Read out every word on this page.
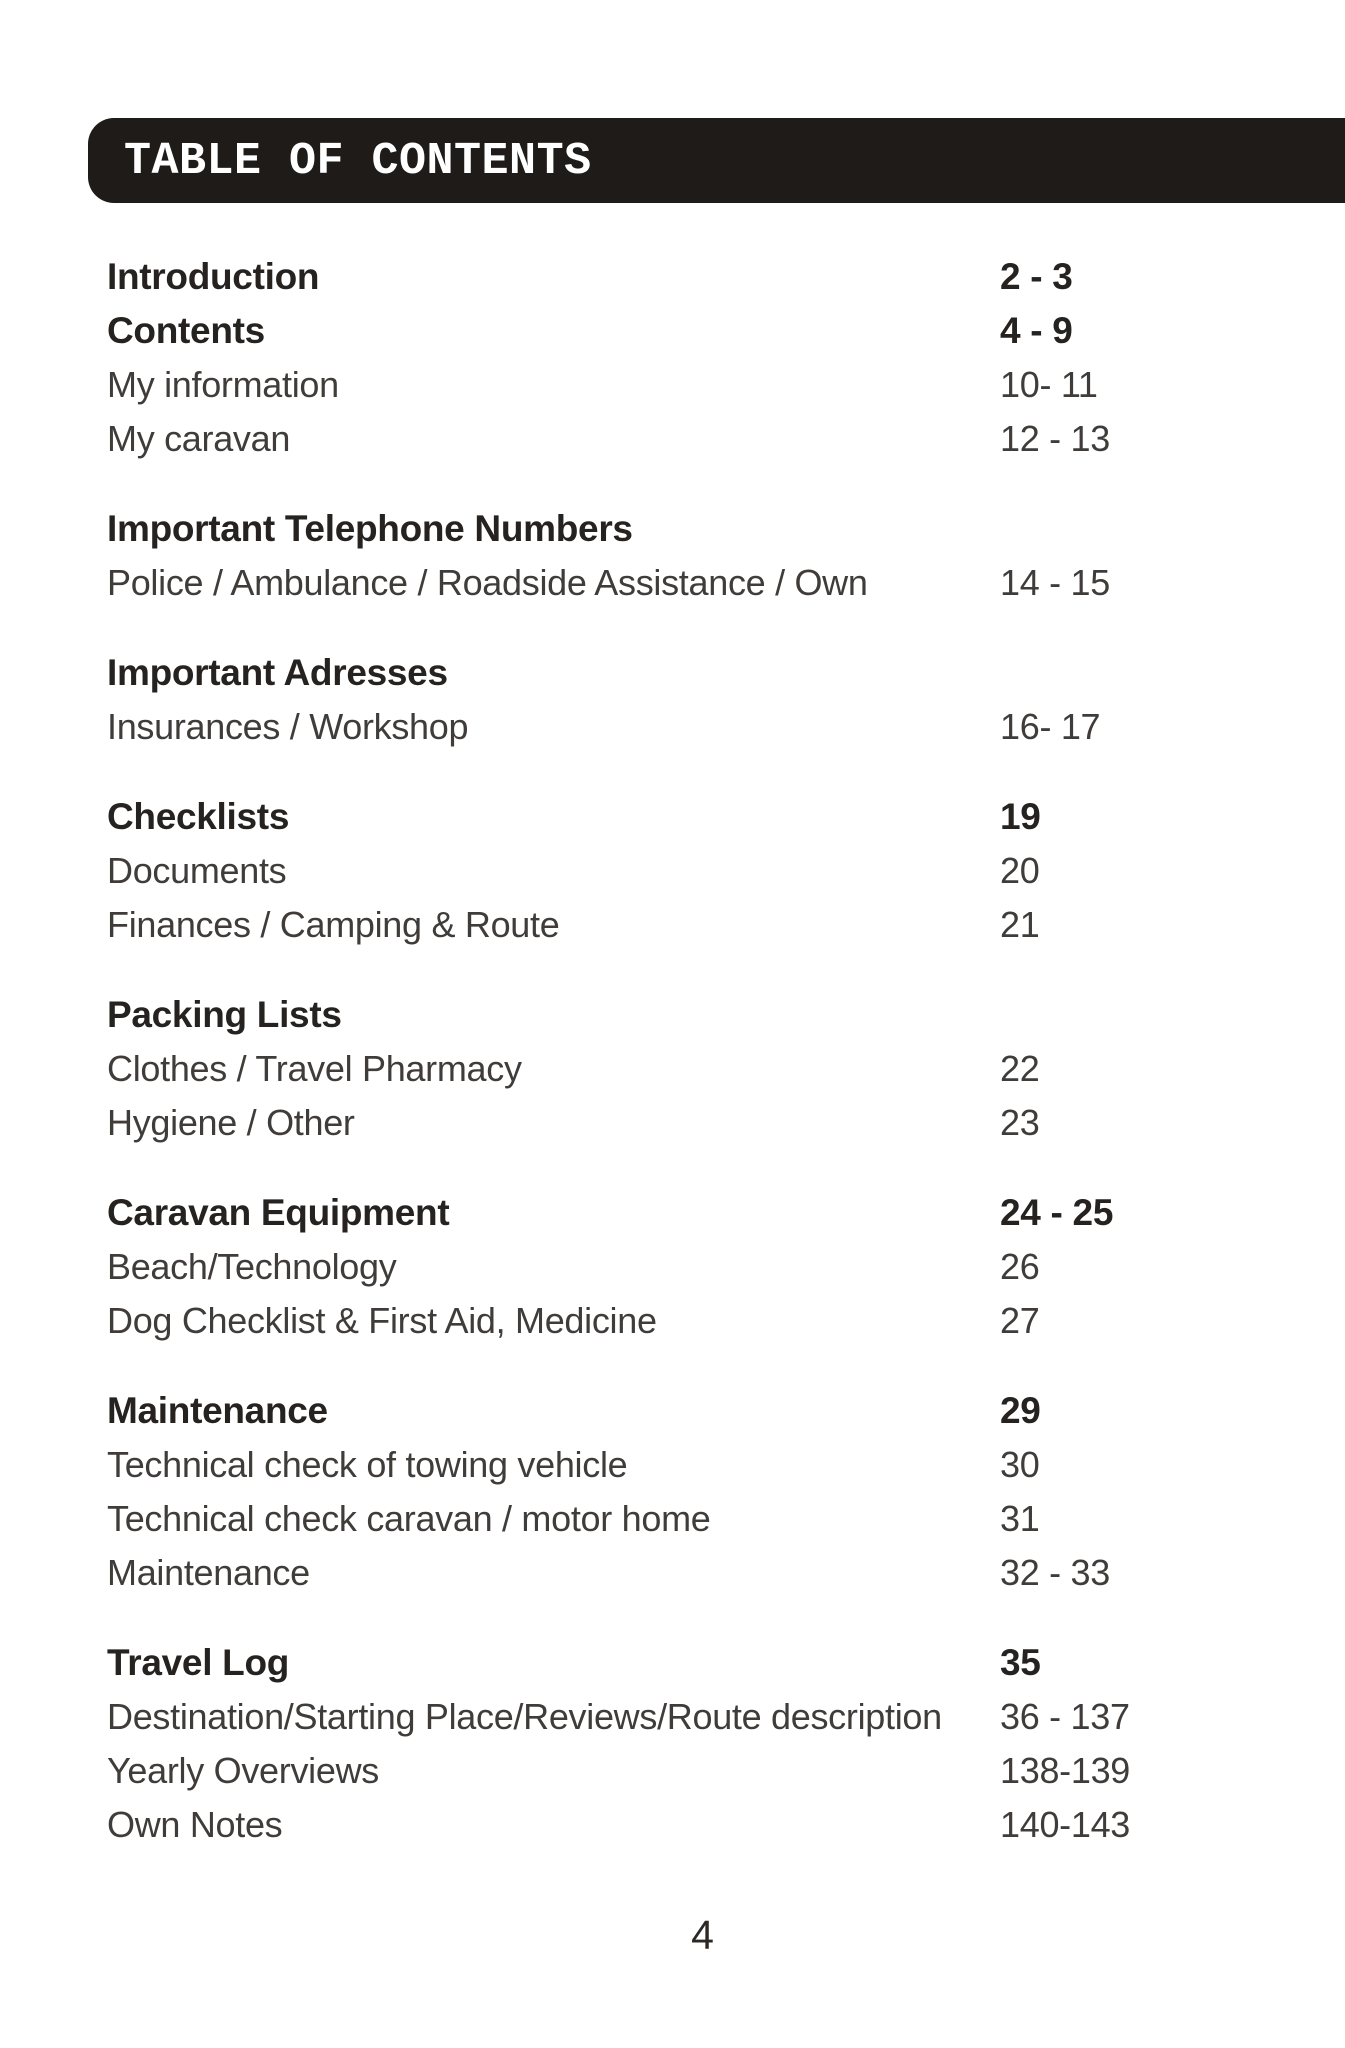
TABLE OF CONTENTS
Introduction	2 - 3
Contents	4 - 9
My information	10- 11
My caravan	12 - 13
Important Telephone Numbers
Police / Ambulance / Roadside Assistance / Own	14 - 15
Important Adresses
Insurances / Workshop	16- 17
Checklists	19
Documents	20
Finances / Camping & Route	21
Packing Lists
Clothes / Travel Pharmacy	22
Hygiene / Other	23
Caravan Equipment	24 - 25
Beach/Technology	26
Dog Checklist & First Aid, Medicine	27
Maintenance	29
Technical check of towing vehicle	30
Technical check caravan / motor home	31
Maintenance	32 - 33
Travel Log	35
Destination/Starting Place/Reviews/Route description	36 - 137
Yearly Overviews	138-139
Own Notes	140-143
4
